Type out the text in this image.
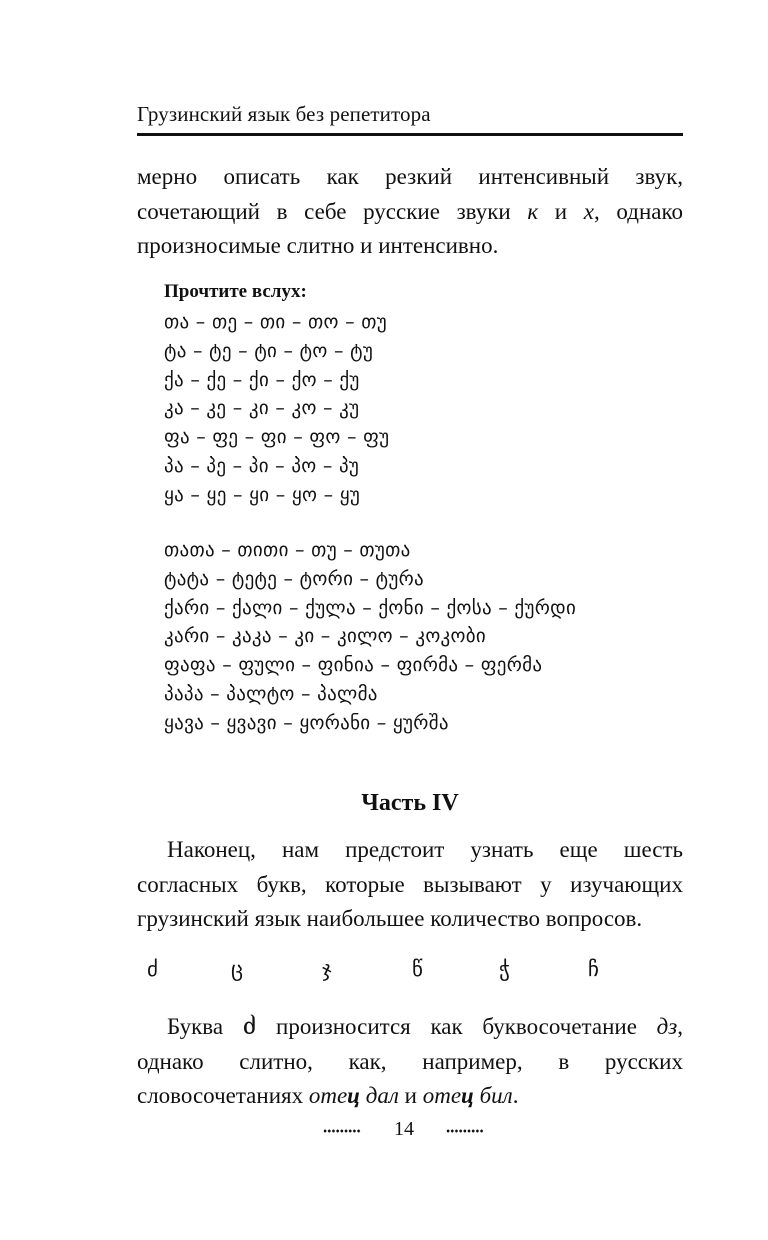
Грузинский язык без репетитора
мерно описать как резкий интенсивный звук, сочетающий в себе русские звуки к и х, однако произносимые слитно и интенсивно.
Прочтите вслух:
თა – თე – თი – თო – თუ
ტა – ტე – ტი – ტო – ტუ
ქა – ქე – ქი – ქო – ქუ
კა – კე – კი – კო – კუ
ფა – ფე – ფი – ფო – ფუ
პა – პე – პი – პო – პუ
ყა – ყე – ყი – ყო – ყუ
თათა – თითი – თუ – თუთა
ტატა – ტეტე – ტორი – ტურა
ქარი – ქალი – ქულა – ქონი – ქოსა – ქურდი
კარი – კაკა – კი – კილო – კოკობი
ფაფა – ფული – ფინია – ფირმა – ფერმა
პაპა – პალტო – პალმა
ყავა – ყვავი – ყორანი – ყურშა
Часть IV
Наконец, нам предстоит узнать еще шесть согласных букв, которые вызывают у изучающих грузинский язык наибольшее количество вопросов.
ძ	ც	ჯ	წ	ჭ	ჩ
Буква ძ произносится как буквосочетание дз, однако слитно, как, например, в русских словосочетаниях отец дал и отец бил.
14
